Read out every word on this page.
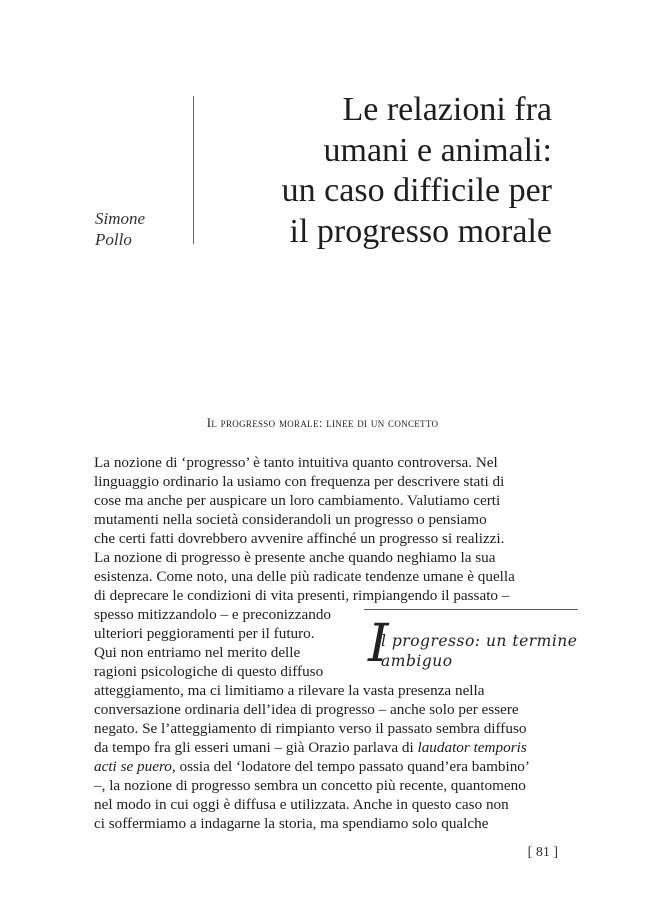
Simone
Pollo
Le relazioni fra
umani e animali:
un caso difficile per
il progresso morale
Il progresso morale: linee di un concetto

La nozione di ‘progresso’ è tanto intuitiva quanto controversa. Nel

linguaggio ordinario la usiamo con frequenza per descrivere stati di

cose ma anche per auspicare un loro cambiamento. Valutiamo certi

mutamenti nella società considerandoli un progresso o pensiamo

che certi fatti dovrebbero avvenire affinché un progresso si realizzi.

La nozione di progresso è presente anche quando neghiamo la sua

esistenza. Come noto, una delle più radicate tendenze umane è quella

di deprecare le condizioni di vita presenti, rimpiangendo il passato –

spesso mitizzandolo – e preconizzando

ulteriori peggioramenti per il futuro.

Qui non entriamo nel merito delle

ragioni psicologiche di questo diffuso

atteggiamento, ma ci limitiamo a rilevare la vasta presenza nella

conversazione ordinaria dell’idea di progresso – anche solo per essere

negato. Se l’atteggiamento di rimpianto verso il passato sembra diffuso

da tempo fra gli esseri umani – già Orazio parlava di laudator temporis

acti se puero, ossia del ‘lodatore del tempo passato quand’era bambino’

–, la nozione di progresso sembra un concetto più recente, quantomeno

nel modo in cui oggi è diffusa e utilizzata. Anche in questo caso non

ci soffermiamo a indagarne la storia, ma spendiamo solo qualche

I
l progresso: un termine
ambiguo
[ 81 ]
